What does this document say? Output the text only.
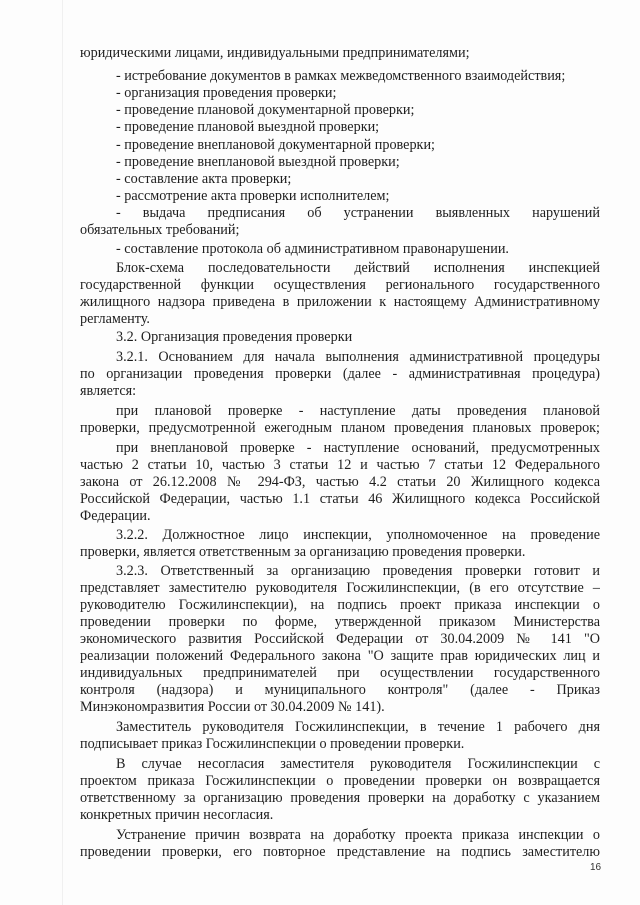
юридическими лицами, индивидуальными предпринимателями;
- истребование документов в рамках межведомственного взаимодействия;
- организация проведения проверки;
- проведение плановой документарной проверки;
- проведение плановой выездной проверки;
- проведение внеплановой документарной проверки;
- проведение внеплановой выездной проверки;
- составление акта проверки;
- рассмотрение акта проверки исполнителем;
- выдача предписания об устранении выявленных нарушений
обязательных требований;
- составление протокола об административном правонарушении.
Блок-схема последовательности действий исполнения инспекцией
государственной функции осуществления регионального государственного
жилищного надзора приведена в приложении к настоящему Административному
регламенту.
3.2. Организация проведения проверки
3.2.1. Основанием для начала выполнения административной процедуры
по организации проведения проверки (далее - административная процедура)
является:
при плановой проверке - наступление даты проведения плановой
проверки, предусмотренной ежегодным планом проведения плановых проверок;
при внеплановой проверке - наступление оснований, предусмотренных
частью 2 статьи 10, частью 3 статьи 12 и частью 7 статьи 12 Федерального
закона от 26.12.2008 № 294-ФЗ, частью 4.2 статьи 20 Жилищного кодекса
Российской Федерации, частью 1.1 статьи 46 Жилищного кодекса Российской
Федерации.
3.2.2. Должностное лицо инспекции, уполномоченное на проведение
проверки, является ответственным за организацию проведения проверки.
3.2.3. Ответственный за организацию проведения проверки готовит и
представляет заместителю руководителя Госжилинспекции, (в его отсутствие –
руководителю Госжилинспекции), на подпись проект приказа инспекции о
проведении проверки по форме, утвержденной приказом Министерства
экономического развития Российской Федерации от 30.04.2009 № 141 "О
реализации положений Федерального закона "О защите прав юридических лиц и
индивидуальных предпринимателей при осуществлении государственного
контроля (надзора) и муниципального контроля" (далее - Приказ
Минэкономразвития России от 30.04.2009 № 141).
Заместитель руководителя Госжилинспекции, в течение 1 рабочего дня
подписывает приказ Госжилинспекции о проведении проверки.
В случае несогласия заместителя руководителя Госжилинспекции с
проектом приказа Госжилинспекции о проведении проверки он возвращается
ответственному за организацию проведения проверки на доработку с указанием
конкретных причин несогласия.
Устранение причин возврата на доработку проекта приказа инспекции о
проведении проверки, его повторное представление на подпись заместителю
16
